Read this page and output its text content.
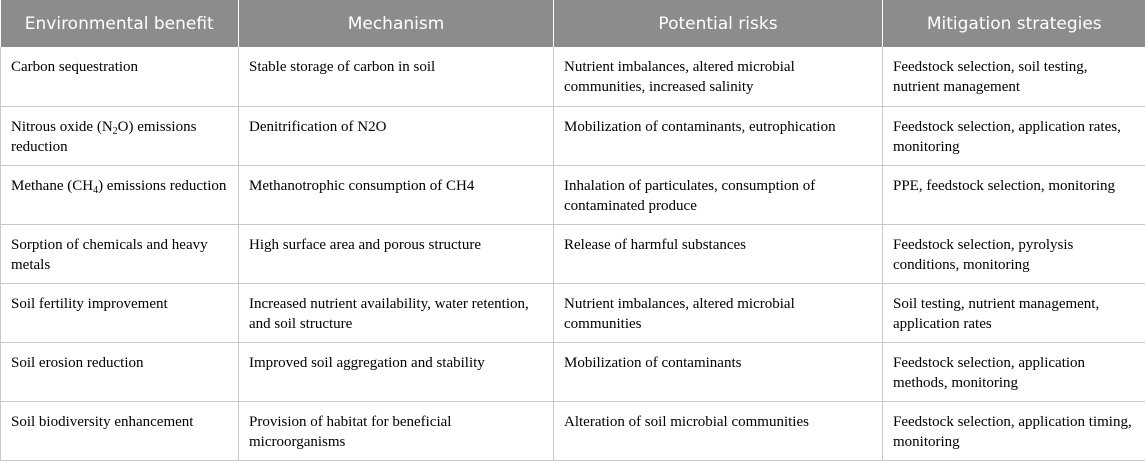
Environmental benefit	Mechanism	Potential risks	Mitigation strategies
Carbon sequestration	Stable storage of carbon in soil	Nutrient imbalances, altered microbial communities, increased salinity	Feedstock selection, soil testing, nutrient management
Nitrous oxide $(N_2O)$ emissions reduction	Denitrification of N2O	Mobilization of contaminants, eutrophication	Feedstock selection, application rates, monitoring
Methane $(CH_4)$ emissions reduction	Methanotrophic consumption of CH4	Inhalation of particulates, consumption of contaminated produce	PPE, feedstock selection, monitoring
Sorption of chemicals and heavy metals	High surface area and porous structure	Release of harmful substances	Feedstock selection, pyrolysis conditions, monitoring
Soil fertility improvement	Increased nutrient availability, water retention, and soil structure	Nutrient imbalances, altered microbial communities	Soil testing, nutrient management, application rates
Soil erosion reduction	Improved soil aggregation and stability	Mobilization of contaminants	Feedstock selection, application methods, monitoring
Soil biodiversity enhancement	Provision of habitat for beneficial microorganisms	Alteration of soil microbial communities	Feedstock selection, application timing, monitoring
